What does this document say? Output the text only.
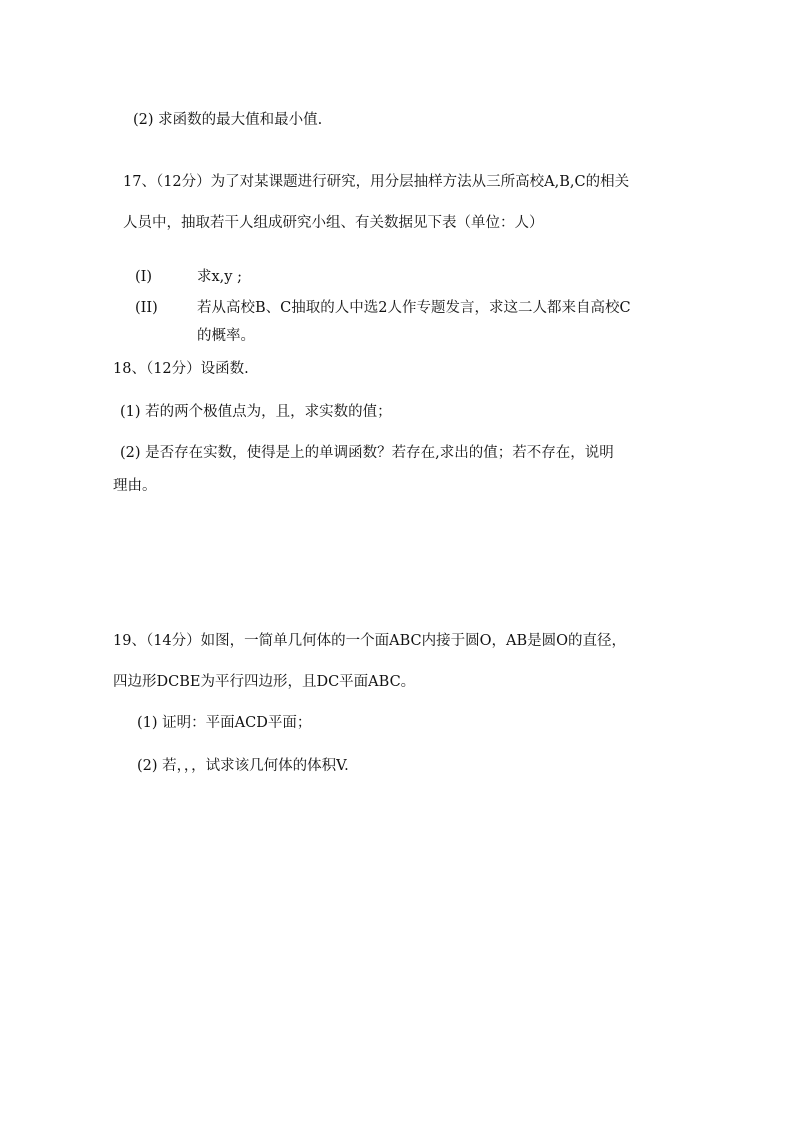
(2) 求函数的最大值和最小值.
17、（12分）为了对某课题进行研究，用分层抽样方法从三所高校A,B,C的相关
人员中，抽取若干人组成研究小组、有关数据见下表（单位：人）
(I)	求x,y ;
(II)	若从高校B、C抽取的人中选2人作专题发言，求这二人都来自高校C
的概率。
18、（12分）设函数.
(1) 若的两个极值点为，且，求实数的值；
(2) 是否存在实数，使得是上的单调函数？若存在,求出的值；若不存在，说明
理由。
19、（14分）如图，一简单几何体的一个面ABC内接于圆O，AB是圆O的直径，
四边形DCBE为平行四边形，且DC平面ABC。
(1) 证明：平面ACD平面；
(2) 若，，，试求该几何体的体积V.
